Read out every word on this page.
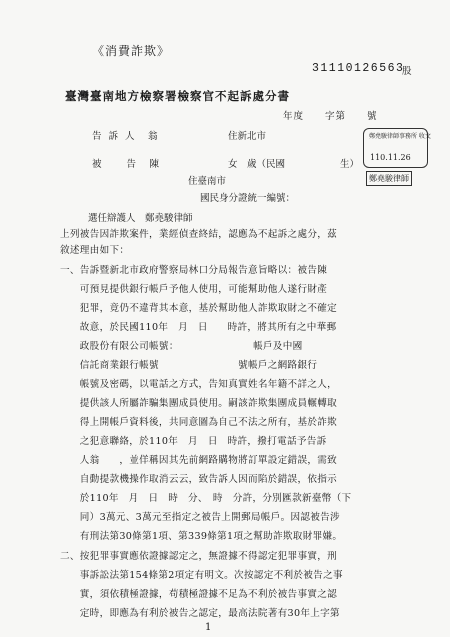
《消費詐欺》
31110126563
股
臺灣臺南地方檢察署檢察官不起訴處分書
年度　　字第　　號
告 訴 人　翁	住新北市
被　　告　陳	女　歲（民國	生）
住臺南市
國民身分證統一編號：
選任辯護人　鄭堯駿律師
鄭堯駿律師事務所 收文
110.11.26
鄭堯駿律師
上列被告因詐欺案件，業經偵查終結，認應為不起訴之處分，茲
敘述理由如下：
一、告訴暨新北市政府警察局林口分局報告意旨略以：被告陳
　　可預見提供銀行帳戶予他人使用，可能幫助他人遂行財產
　　犯罪，竟仍不違背其本意，基於幫助他人詐欺取財之不確定
　　故意，於民國110年　月　日　　時許，將其所有之中華郵
　　政股份有限公司帳號：　　　　　　　　帳戶及中國
　　信託商業銀行帳號　　　　　　　　號帳戶之網路銀行
　　帳號及密碼，以電話之方式，告知真實姓名年籍不詳之人，
　　提供該人所屬詐騙集團成員使用。嗣該詐欺集團成員輾轉取
　　得上開帳戶資料後，共同意圖為自己不法之所有，基於詐欺
　　之犯意聯絡，於110年　月　日　時許，撥打電話予告訴
　　人翁　　，並佯稱因其先前網路購物將訂單設定錯誤，需致
　　自動提款機操作取消云云，致告訴人因而陷於錯誤，依指示
　　於110年　月　日　時　分、　時　分許，分別匯款新臺幣（下
　　同）3萬元、3萬元至指定之被告上開郵局帳戶。因認被告涉
　　有刑法第30條第1項、第339條第1項之幫助詐欺取財罪嫌。
二、按犯罪事實應依證據認定之，無證據不得認定犯罪事實，刑
　　事訴訟法第154條第2項定有明文。次按認定不利於被告之事
　　實，須依積極證據，苟積極證據不足為不利於被告事實之認
　　定時，即應為有利於被告之認定，最高法院著有30年上字第
1
